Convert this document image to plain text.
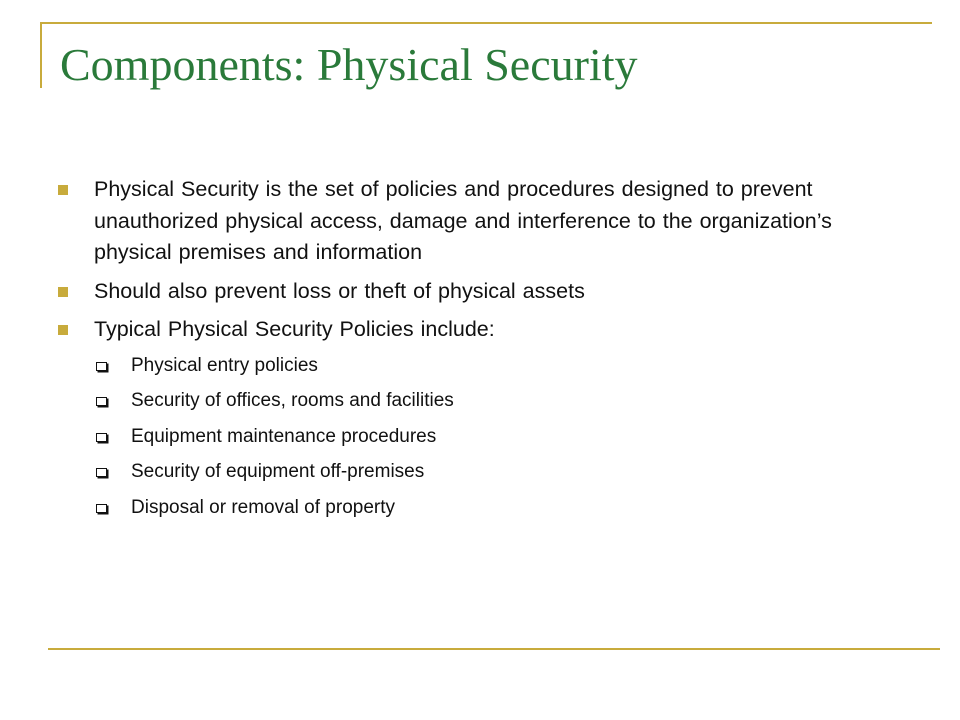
Components: Physical Security
Physical Security is the set of policies and procedures designed to prevent unauthorized physical access, damage and interference to the organization’s physical premises and information
Should also prevent loss or theft of physical assets
Typical Physical Security Policies include:
Physical entry policies
Security of offices, rooms and facilities
Equipment maintenance procedures
Security of equipment off-premises
Disposal or removal of property
